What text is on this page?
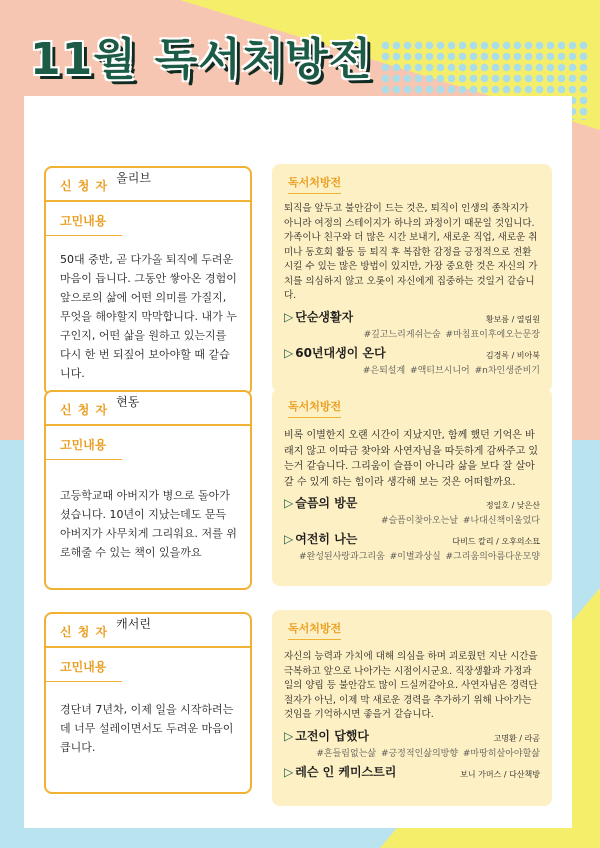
11월 독서처방전
신 청 자
올리브
고민내용
50대 중반, 곧 다가올 퇴직에 두려운 마음이 듭니다. 그동안 쌓아온 경험이 앞으로의 삶에 어떤 의미를 가질지, 무엇을 해야할지 막막합니다. 내가 누구인지, 어떤 삶을 원하고 있는지를 다시 한 번 되짚어 보아야할 때 같습니다.
독서처방전
퇴직을 앞두고 불안감이 드는 것은, 퇴직이 인생의 종착지가 아니라 여정의 스테이지가 하나의 과정이기 때문일 것입니다. 가족이나 친구와 더 많은 시간 보내기, 새로운 직업, 새로운 취미나 동호회 활동 등 퇴직 후 복잡한 감정을 긍정적으로 전환시킬 수 있는 많은 방법이 있지만, 가장 중요한 것은 자신의 가치를 의심하지 않고 오롯이 자신에게 집중하는 것일거 같습니다.
▷ 단순생활자	황보름 / 열림원
#깊고느리게쉬는숨 #마침표이후에오는문장
▷ 60년대생이 온다	김경록 / 비아북
#은퇴설계 #액티브시니어 #n차인생준비기
신 청 자
현동
고민내용
고등학교때 아버지가 병으로 돌아가셨습니다. 10년이 지났는데도 문득 아버지가 사무치게 그리워요. 저를 위로해줄 수 있는 책이 있을까요
독서처방전
비록 이별한지 오랜 시간이 지났지만, 함께 했던 기억은 바래지 않고 이따금 찾아와 사연자님을 따듯하게 감싸주고 있는거 같습니다. 그리움이 슬픔이 아니라 삶을 보다 잘 살아갈 수 있게 하는 힘이라 생각해 보는 것은 어떠할까요.
▷ 슬픔의 방문	정일호 / 낮은산
#슬픔이찾아오는날 #나대신책이울었다
▷ 여전히 나는	다비드 칼리 / 오후의소묘
#완성된사랑과그리움 #이별과상실 #그리움의아름다운모양
신 청 자
캐서린
고민내용
경단녀 7년차, 이제 일을 시작하려는데 너무 설레이면서도 두려운 마음이 큽니다.
독서처방전
자신의 능력과 가치에 대해 의심을 하며 괴로웠던 지난 시간을 극복하고 앞으로 나아가는 시점이시군요. 직장생활과 가정과 일의 양립 등 불안감도 많이 드실꺼같아요. 사연자님은 경력단절자가 아닌, 이제 막 새로운 경력을 추가하기 위해 나아가는 것임을 기억하시면 좋을거 같습니다.
▷ 고전이 답했다	고명환 / 라곰
#흔들림없는삶 #긍정적인삶의방향 #마땅히살아야할삶
▷ 레슨 인 케미스트리	보니 가머스 / 다산책방
